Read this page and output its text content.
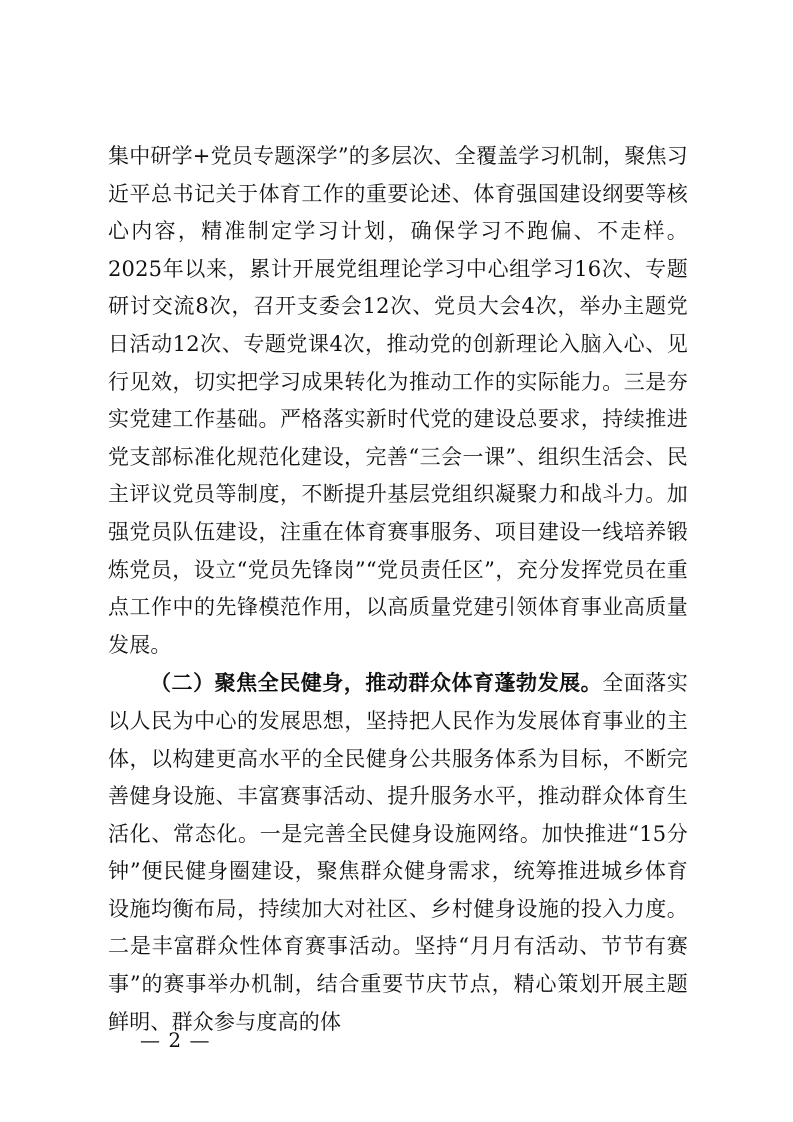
集中研学+党员专题深学”的多层次、全覆盖学习机制，聚焦习近平总书记关于体育工作的重要论述、体育强国建设纲要等核心内容，精准制定学习计划，确保学习不跑偏、不走样。2025年以来，累计开展党组理论学习中心组学习16次、专题研讨交流8次，召开支委会12次、党员大会4次，举办主题党日活动12次、专题党课4次，推动党的创新理论入脑入心、见行见效，切实把学习成果转化为推动工作的实际能力。三是夯实党建工作基础。严格落实新时代党的建设总要求，持续推进党支部标准化规范化建设，完善“三会一课”、组织生活会、民主评议党员等制度，不断提升基层党组织凝聚力和战斗力。加强党员队伍建设，注重在体育赛事服务、项目建设一线培养锻炼党员，设立“党员先锋岗”“党员责任区”，充分发挥党员在重点工作中的先锋模范作用，以高质量党建引领体育事业高质量发展。

（二）聚焦全民健身，推动群众体育蓬勃发展。全面落实以人民为中心的发展思想，坚持把人民作为发展体育事业的主体，以构建更高水平的全民健身公共服务体系为目标，不断完善健身设施、丰富赛事活动、提升服务水平，推动群众体育生活化、常态化。一是完善全民健身设施网络。加快推进“15分钟”便民健身圈建设，聚焦群众健身需求，统筹推进城乡体育设施均衡布局，持续加大对社区、乡村健身设施的投入力度。二是丰富群众性体育赛事活动。坚持“月月有活动、节节有赛事”的赛事举办机制，结合重要节庆节点，精心策划开展主题鲜明、群众参与度高的体

— 2 —
